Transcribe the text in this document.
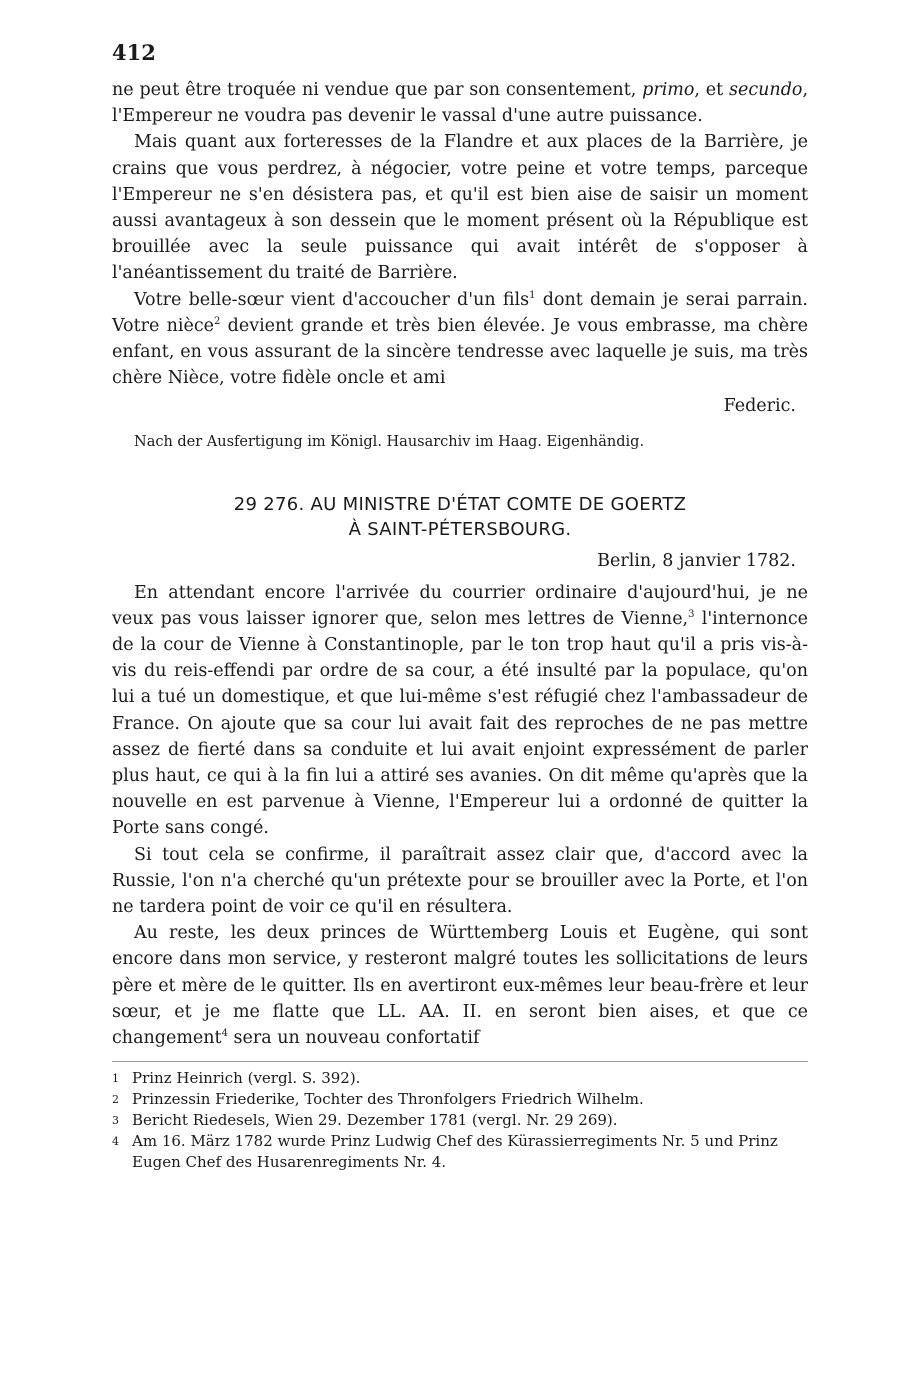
412

ne peut être troquée ni vendue que par son consentement, primo, et secundo, l'Empereur ne voudra pas devenir le vassal d'une autre puissance.

Mais quant aux forteresses de la Flandre et aux places de la Barrière, je crains que vous perdrez, à négocier, votre peine et votre temps, parceque l'Empereur ne s'en désistera pas, et qu'il est bien aise de saisir un moment aussi avantageux à son dessein que le moment présent où la République est brouillée avec la seule puissance qui avait intérêt de s'opposer à l'anéantissement du traité de Barrière.

Votre belle-sœur vient d'accoucher d'un fils$^1$ dont demain je serai parrain. Votre nièce$^2$ devient grande et très bien élevée. Je vous embrasse, ma chère enfant, en vous assurant de la sincère tendresse avec laquelle je suis, ma très chère Nièce, votre fidèle oncle et ami

Federic.
Nach der Ausfertigung im Königl. Hausarchiv im Haag. Eigenhändig.
29 276. AU MINISTRE D'ÉTAT COMTE DE GOERTZ
À SAINT-PÉTERSBOURG.
Berlin, 8 janvier 1782.

En attendant encore l'arrivée du courrier ordinaire d'aujourd'hui, je ne veux pas vous laisser ignorer que, selon mes lettres de Vienne,$^3$ l'internonce de la cour de Vienne à Constantinople, par le ton trop haut qu'il a pris vis-à-vis du reis-effendi par ordre de sa cour, a été insulté par la populace, qu'on lui a tué un domestique, et que lui-même s'est réfugié chez l'ambassadeur de France. On ajoute que sa cour lui avait fait des reproches de ne pas mettre assez de fierté dans sa conduite et lui avait enjoint expressément de parler plus haut, ce qui à la fin lui a attiré ses avanies. On dit même qu'après que la nouvelle en est parvenue à Vienne, l'Empereur lui a ordonné de quitter la Porte sans congé.

Si tout cela se confirme, il paraîtrait assez clair que, d'accord avec la Russie, l'on n'a cherché qu'un prétexte pour se brouiller avec la Porte, et l'on ne tardera point de voir ce qu'il en résultera.

Au reste, les deux princes de Württemberg Louis et Eugène, qui sont encore dans mon service, y resteront malgré toutes les sollicitations de leurs père et mère de le quitter. Ils en avertiront eux-mêmes leur beau-frère et leur sœur, et je me flatte que LL. AA. II. en seront bien aises, et que ce changement$^4$ sera un nouveau confortatif

1 Prinz Heinrich (vergl. S. 392).
2 Prinzessin Friederike, Tochter des Thronfolgers Friedrich Wilhelm.
3 Bericht Riedesels, Wien 29. Dezember 1781 (vergl. Nr. 29 269).
4 Am 16. März 1782 wurde Prinz Ludwig Chef des Kürassierregiments Nr. 5 und Prinz Eugen Chef des Husarenregiments Nr. 4.
